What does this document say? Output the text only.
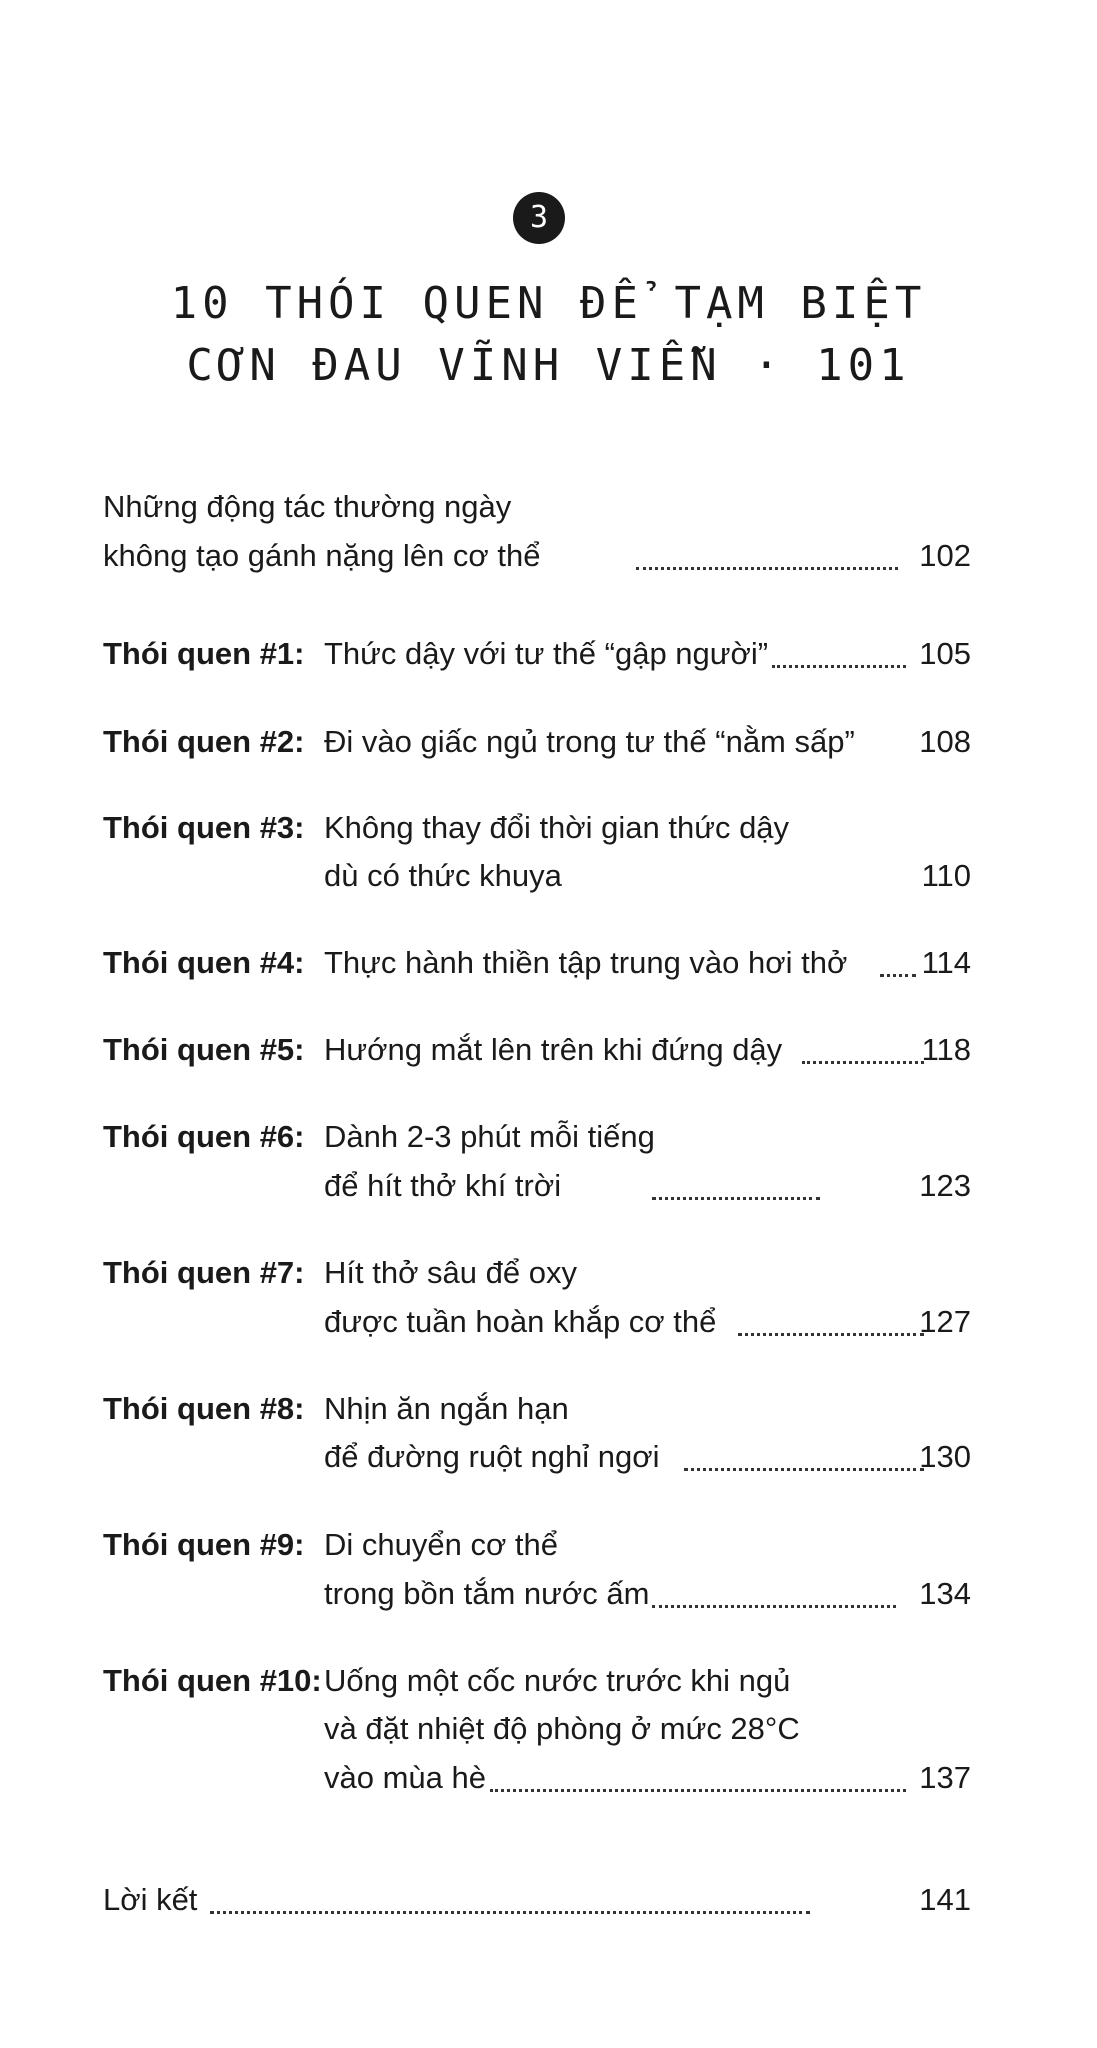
3
10 THÓI QUEN ĐỂ TẠM BIỆT
CƠN ĐAU VĨNH VIỄN · 101
Những động tác thường ngày
không tạo gánh nặng lên cơ thể	102
Thói quen #1: Thức dậy với tư thế “gập người”	105
Thói quen #2: Đi vào giấc ngủ trong tư thế “nằm sấp” 108
Thói quen #3: Không thay đổi thời gian thức dậy
dù có thức khuya	110
Thói quen #4: Thực hành thiền tập trung vào hơi thở 114
Thói quen #5: Hướng mắt lên trên khi đứng dậy	118
Thói quen #6: Dành 2-3 phút mỗi tiếng
để hít thở khí trời	123
Thói quen #7: Hít thở sâu để oxy
được tuần hoàn khắp cơ thể	127
Thói quen #8: Nhịn ăn ngắn hạn
để đường ruột nghỉ ngơi	130
Thói quen #9: Di chuyển cơ thể
trong bồn tắm nước ấm	134
Thói quen #10: Uống một cốc nước trước khi ngủ
và đặt nhiệt độ phòng ở mức 28°C
vào mùa hè	137
Lời kết	141
